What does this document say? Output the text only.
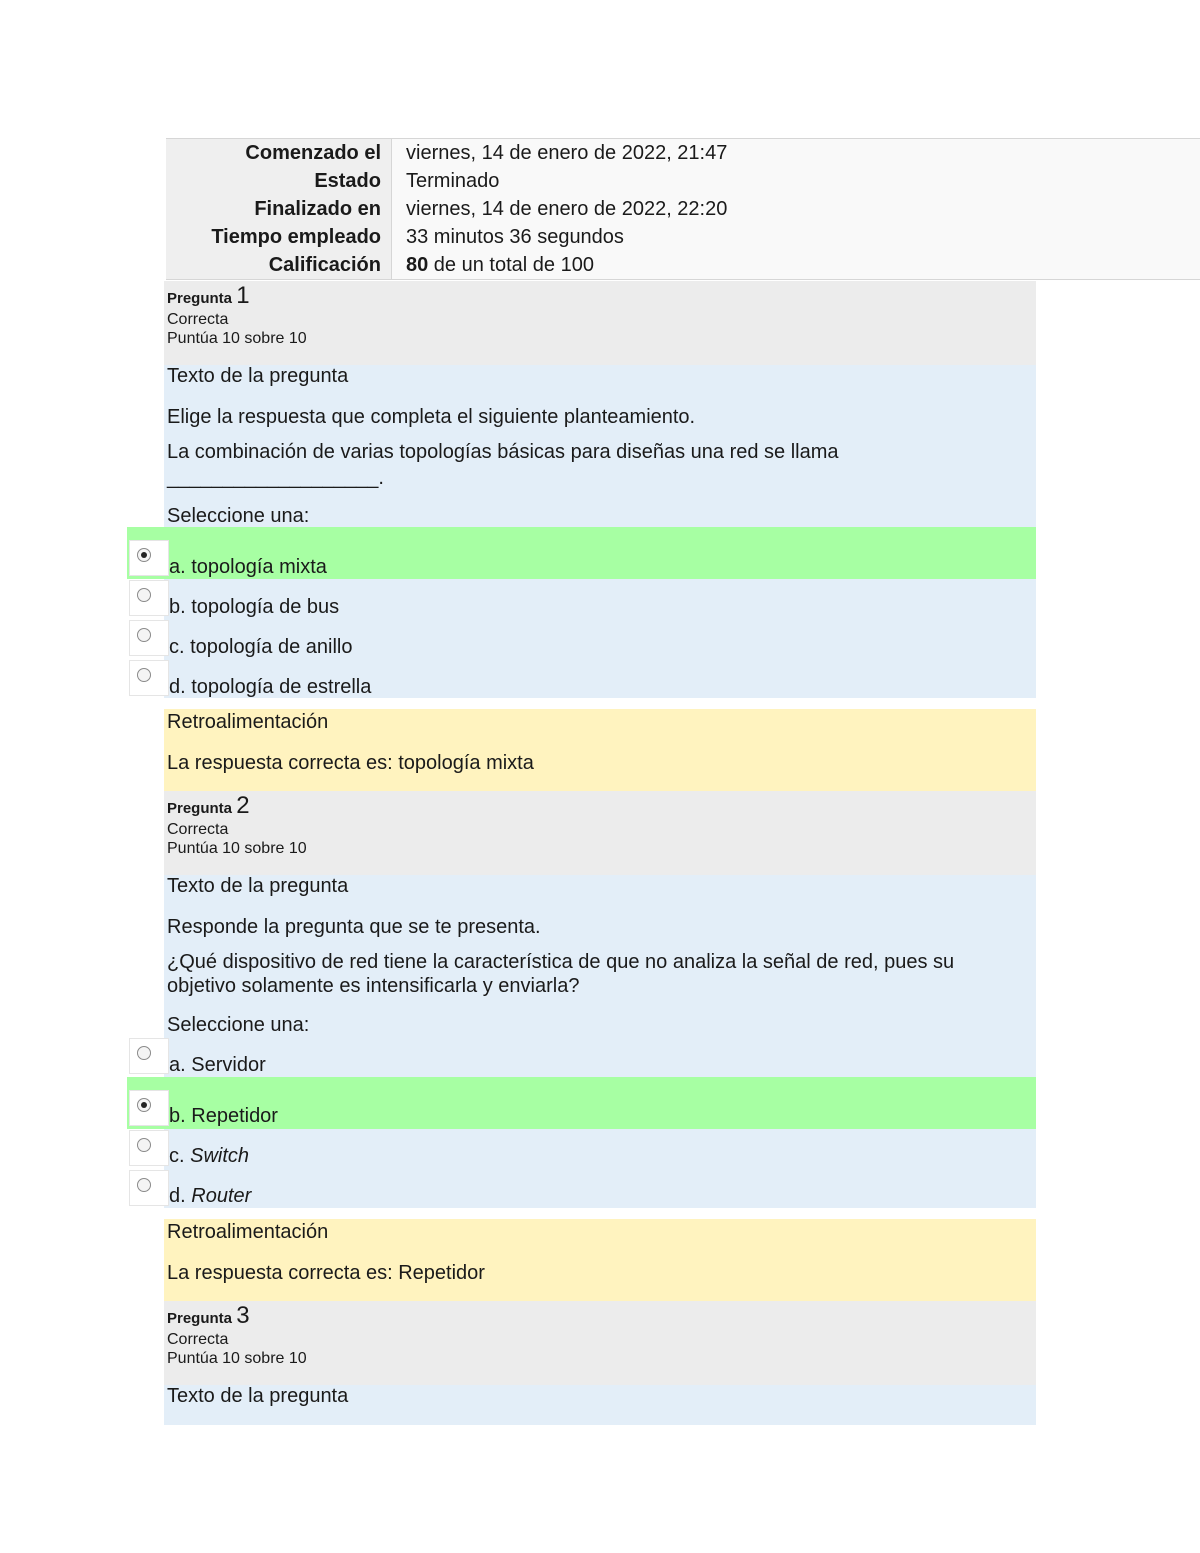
Comenzado el	viernes, 14 de enero de 2022, 21:47
Estado	Terminado
Finalizado en	viernes, 14 de enero de 2022, 22:20
Tiempo empleado	33 minutos 36 segundos
Calificación	80 de un total de 100
Pregunta 1
Correcta
Puntúa 10 sobre 10
Texto de la pregunta
Elige la respuesta que completa el siguiente planteamiento.
La combinación de varias topologías básicas para diseñas una red se llama
___________________.
Seleccione una:
a. topología mixta
b. topología de bus
c. topología de anillo
d. topología de estrella
Retroalimentación
La respuesta correcta es: topología mixta
Pregunta 2
Correcta
Puntúa 10 sobre 10
Texto de la pregunta
Responde la pregunta que se te presenta.
¿Qué dispositivo de red tiene la característica de que no analiza la señal de red, pues su
objetivo solamente es intensificarla y enviarla?
Seleccione una:
a. Servidor
b. Repetidor
c. Switch
d. Router
Retroalimentación
La respuesta correcta es: Repetidor
Pregunta 3
Correcta
Puntúa 10 sobre 10
Texto de la pregunta
